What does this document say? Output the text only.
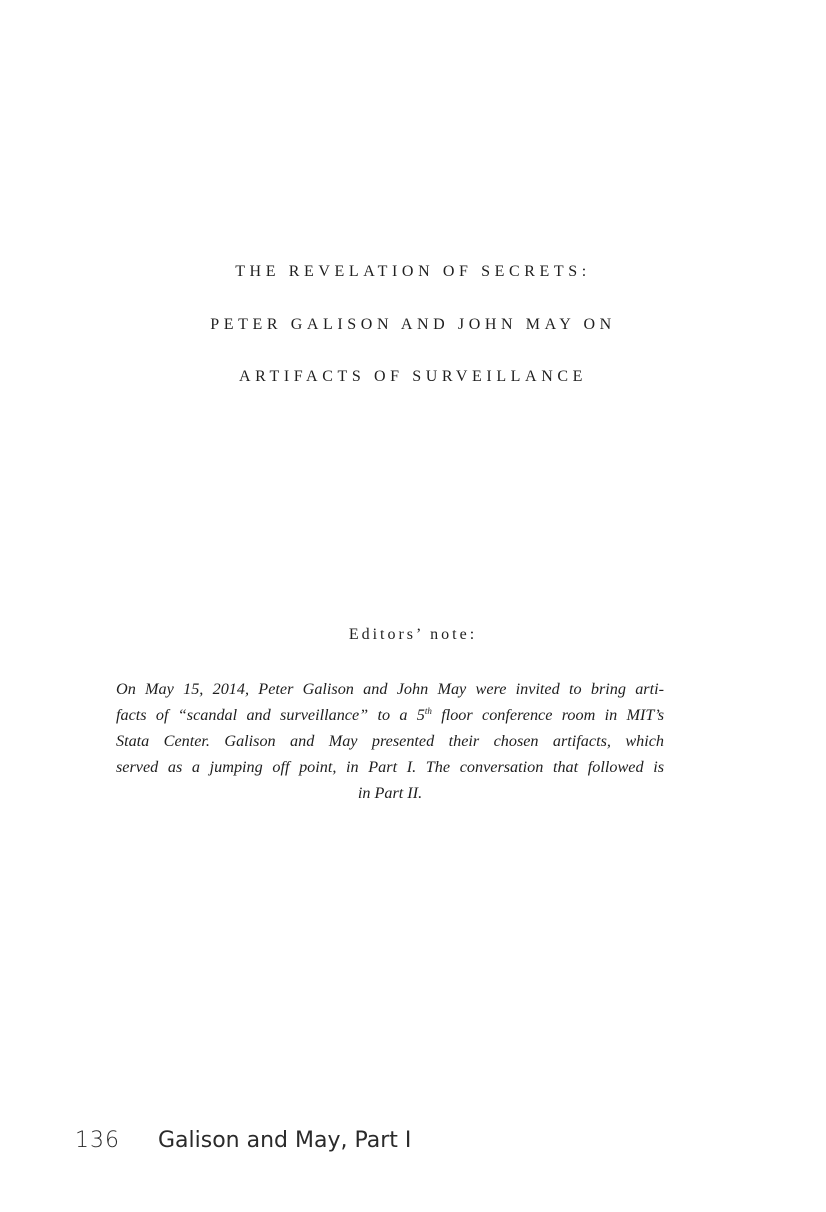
THE REVELATION OF SECRETS:
PETER GALISON AND JOHN MAY ON
ARTIFACTS OF SURVEILLANCE
Editors’ note:
On May 15, 2014, Peter Galison and John May were invited to bring arti-
facts of “scandal and surveillance” to a 5th floor conference room in MIT’s
Stata Center. Galison and May presented their chosen artifacts, which
served as a jumping off point, in Part I. The conversation that followed is
in Part II.
136 Galison and May, Part I
